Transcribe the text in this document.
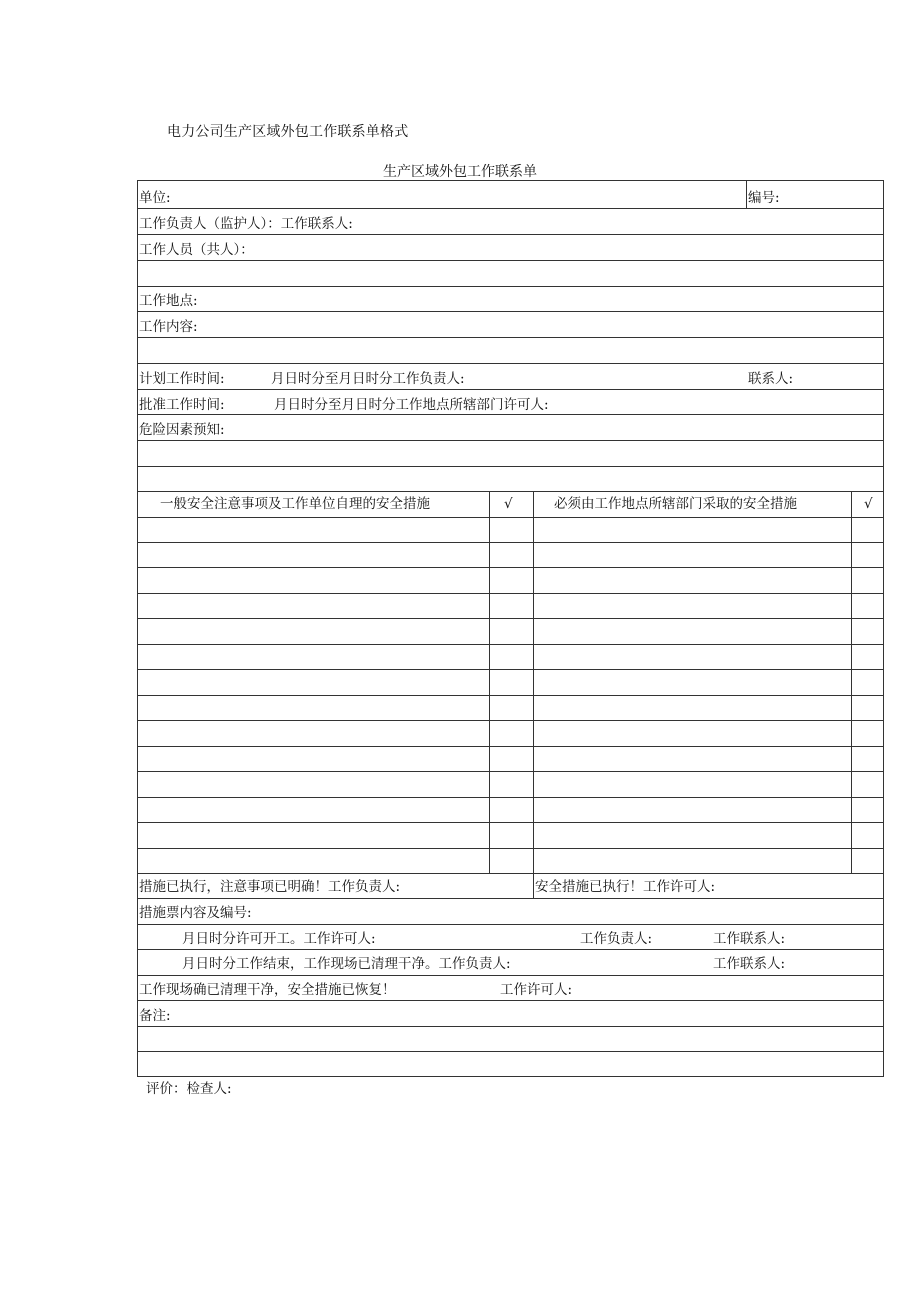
电力公司生产区域外包工作联系单格式
生产区域外包工作联系单
单位:	编号:
工作负责人（监护人）：工作联系人:
工作人员（共人）：
工作地点:
工作内容:
计划工作时间:	月日时分至月日时分工作负责人:	联系人:
批准工作时间:	月日时分至月日时分工作地点所辖部门许可人:
危险因素预知:
一般安全注意事项及工作单位自理的安全措施	√	必须由工作地点所辖部门采取的安全措施	√
措施已执行，注意事项已明确！工作负责人:	安全措施已执行！工作许可人:
措施票内容及编号:
月日时分许可开工。工作许可人:	工作负责人:	工作联系人:
月日时分工作结束，工作现场已清理干净。工作负责人:	工作联系人:
工作现场确已清理干净，安全措施已恢复！	工作许可人:
备注:
评价：检查人:
